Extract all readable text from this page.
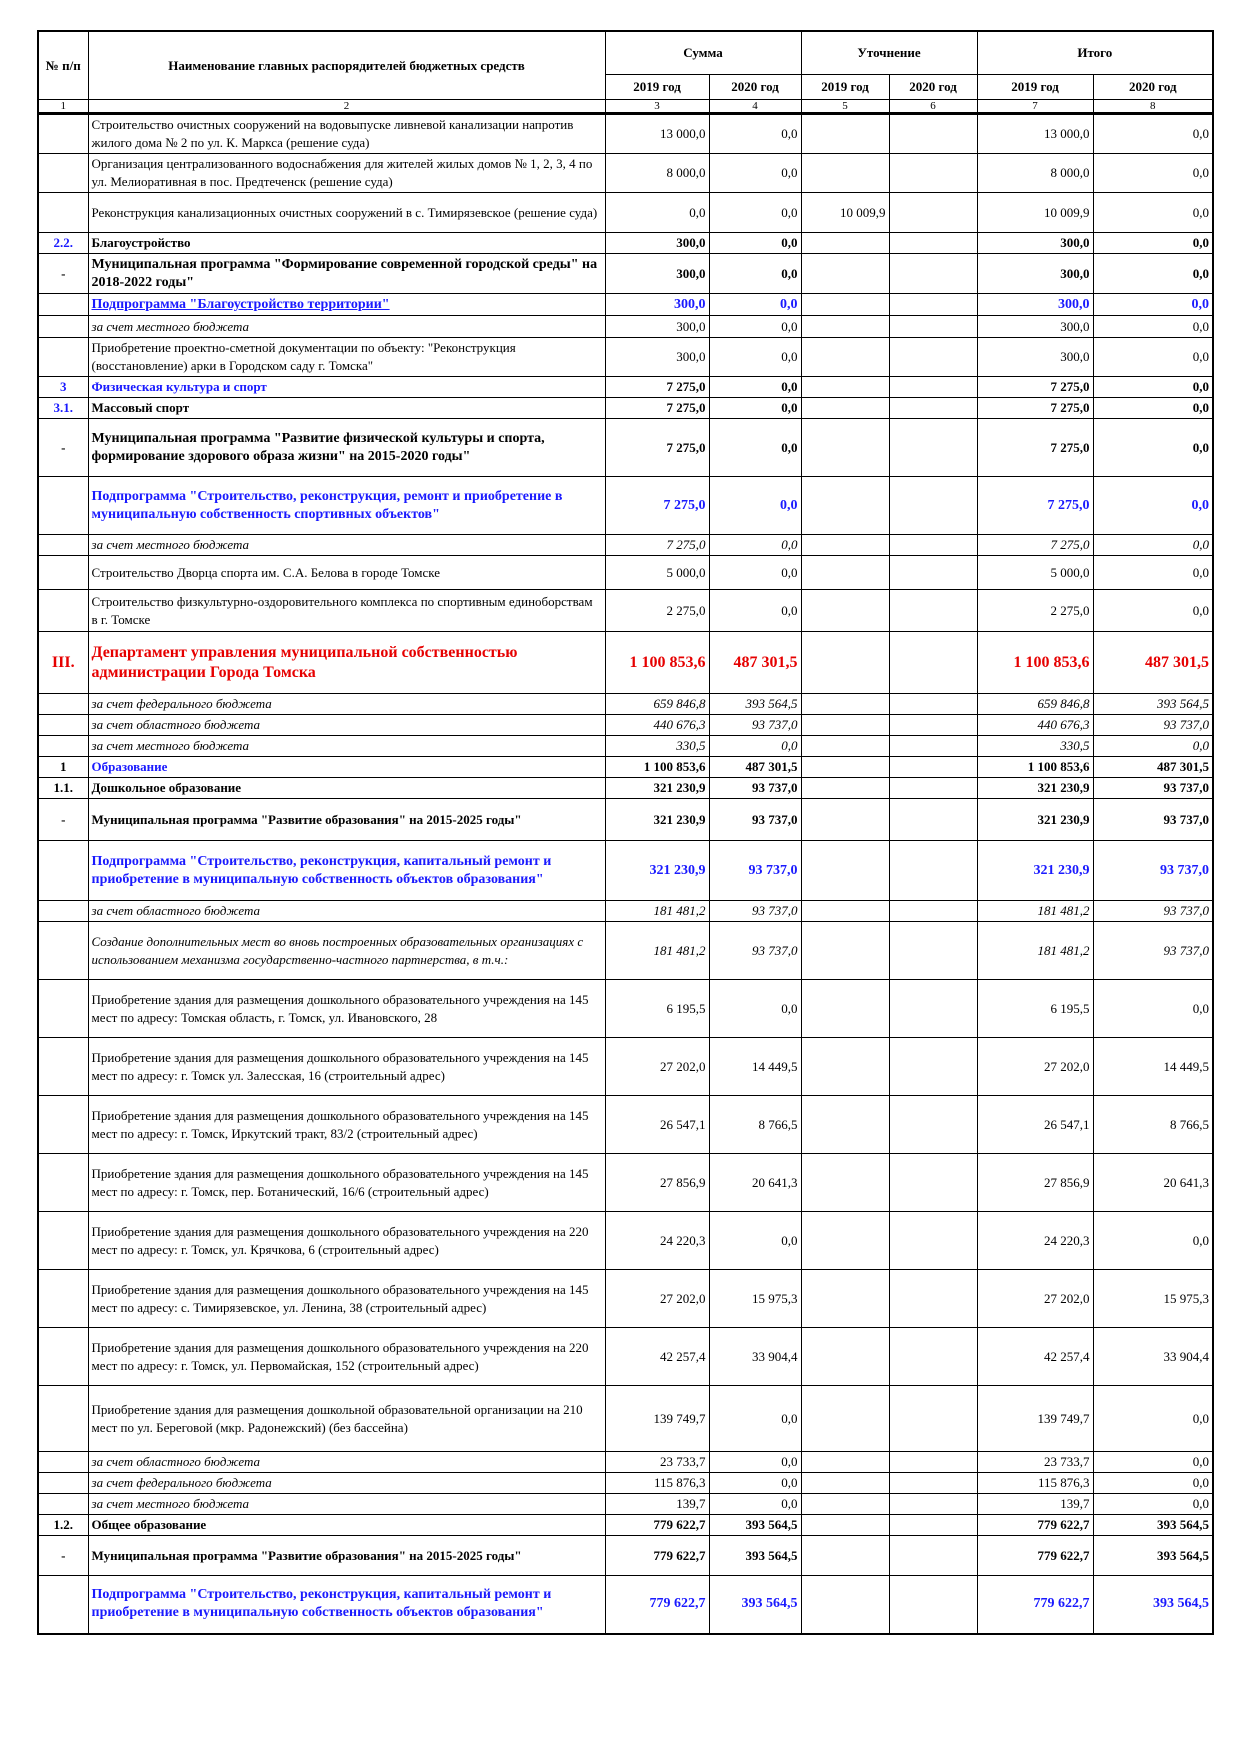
№ п/п	Наименование главных распорядителей бюджетных средств	Сумма		Уточнение		Итого	
		2019 год	2020 год	2019 год	2020 год	2019 год	2020 год
1	2	3	4	5	6	7	8
	Строительство очистных сооружений на водовыпуске ливневой канализации напротив жилого дома № 2 по ул. К. Маркса (решение суда)	13 000,0	0,0			13 000,0	0,0
	Организация централизованного водоснабжения для жителей жилых домов № 1, 2, 3, 4 по ул. Мелиоративная в пос. Предтеченск (решение суда)	8 000,0	0,0			8 000,0	0,0
	Реконструкция канализационных очистных сооружений в с. Тимирязевское (решение суда)	0,0	0,0	10 009,9		10 009,9	0,0
2.2.	Благоустройство	300,0	0,0			300,0	0,0
-	Муниципальная программа "Формирование современной городской среды" на 2018-2022 годы"	300,0	0,0			300,0	0,0
	Подпрограмма "Благоустройство территории"	300,0	0,0			300,0	0,0
	за счет местного бюджета	300,0	0,0			300,0	0,0
	Приобретение проектно-сметной документации по объекту: "Реконструкция (восстановление) арки в Городском саду г. Томска"	300,0	0,0			300,0	0,0
3	Физическая культура и спорт	7 275,0	0,0			7 275,0	0,0
3.1.	Массовый спорт	7 275,0	0,0			7 275,0	0,0
-	Муниципальная программа "Развитие физической культуры и спорта, формирование здорового образа жизни" на 2015-2020 годы"	7 275,0	0,0			7 275,0	0,0
	Подпрограмма "Строительство, реконструкция, ремонт и приобретение в муниципальную собственность спортивных объектов"	7 275,0	0,0			7 275,0	0,0
	за счет местного бюджета	7 275,0	0,0			7 275,0	0,0
	Строительство Дворца спорта им. С.А. Белова в городе Томске	5 000,0	0,0			5 000,0	0,0
	Строительство физкультурно-оздоровительного комплекса по спортивным единоборствам в г. Томске	2 275,0	0,0			2 275,0	0,0
III.	Департамент управления муниципальной собственностью администрации Города Томска	1 100 853,6	487 301,5			1 100 853,6	487 301,5
	за счет федерального бюджета	659 846,8	393 564,5			659 846,8	393 564,5
	за счет областного бюджета	440 676,3	93 737,0			440 676,3	93 737,0
	за счет местного бюджета	330,5	0,0			330,5	0,0
1	Образование	1 100 853,6	487 301,5			1 100 853,6	487 301,5
1.1.	Дошкольное образование	321 230,9	93 737,0			321 230,9	93 737,0
-	Муниципальная программа "Развитие образования" на 2015-2025 годы"	321 230,9	93 737,0			321 230,9	93 737,0
	Подпрограмма "Строительство, реконструкция, капитальный ремонт и приобретение в муниципальную собственность объектов образования"	321 230,9	93 737,0			321 230,9	93 737,0
	за счет областного бюджета	181 481,2	93 737,0			181 481,2	93 737,0
	Создание дополнительных мест во вновь построенных образовательных организациях с использованием механизма государственно-частного партнерства, в т.ч.:	181 481,2	93 737,0			181 481,2	93 737,0
	Приобретение здания для размещения дошкольного образовательного учреждения на 145 мест по адресу: Томская область, г. Томск, ул. Ивановского, 28	6 195,5	0,0			6 195,5	0,0
	Приобретение здания для размещения дошкольного образовательного учреждения на 145 мест по адресу: г. Томск ул. Залесская, 16 (строительный адрес)	27 202,0	14 449,5			27 202,0	14 449,5
	Приобретение здания для размещения дошкольного образовательного учреждения на 145 мест по адресу: г. Томск, Иркутский тракт, 83/2 (строительный адрес)	26 547,1	8 766,5			26 547,1	8 766,5
	Приобретение здания для размещения дошкольного образовательного учреждения на 145 мест по адресу: г. Томск, пер. Ботанический, 16/6 (строительный адрес)	27 856,9	20 641,3			27 856,9	20 641,3
	Приобретение здания для размещения дошкольного образовательного учреждения на 220 мест по адресу: г. Томск, ул. Крячкова, 6 (строительный адрес)	24 220,3	0,0			24 220,3	0,0
	Приобретение здания для размещения дошкольного образовательного учреждения на 145 мест по адресу: с. Тимирязевское, ул. Ленина, 38 (строительный адрес)	27 202,0	15 975,3			27 202,0	15 975,3
	Приобретение здания для размещения дошкольного образовательного учреждения на 220 мест по адресу: г. Томск, ул. Первомайская, 152 (строительный адрес)	42 257,4	33 904,4			42 257,4	33 904,4
	Приобретение здания для размещения дошкольной образовательной организации на 210 мест по ул. Береговой (мкр. Радонежский) (без бассейна)	139 749,7	0,0			139 749,7	0,0
	за счет областного бюджета	23 733,7	0,0			23 733,7	0,0
	за счет федерального бюджета	115 876,3	0,0			115 876,3	0,0
	за счет местного бюджета	139,7	0,0			139,7	0,0
1.2.	Общее образование	779 622,7	393 564,5			779 622,7	393 564,5
-	Муниципальная программа "Развитие образования" на 2015-2025 годы"	779 622,7	393 564,5			779 622,7	393 564,5
	Подпрограмма "Строительство, реконструкция, капитальный ремонт и приобретение в муниципальную собственность объектов образования"	779 622,7	393 564,5			779 622,7	393 564,5
